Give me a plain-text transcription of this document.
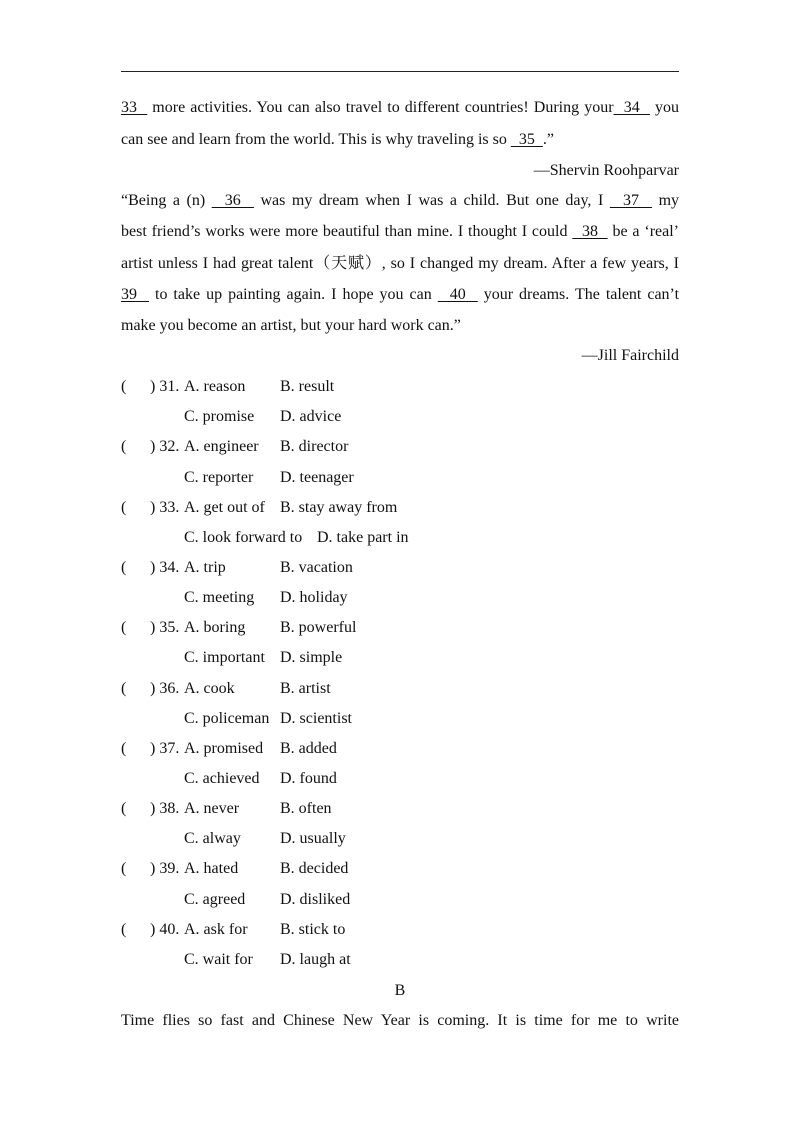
33   more activities. You can also travel to different countries! During your  34   you
can see and learn from the world. This is why traveling is so   35  .”
—Shervin Roohparvar
“Being a (n)   36   was my dream when I was a child. But one day, I   37   my
best friend’s works were more beautiful than mine. I thought I could   38   be a ‘real’
artist unless I had great talent（天赋）, so I changed my dream. After a few years, I
39   to take up painting again. I hope you can   40   your dreams. The talent can’t
make you become an artist, but your hard work can.”
—Jill Fairchild
( ) 31. A. reason B. result
C. promise D. advice
( ) 32. A. engineer B. director
C. reporter D. teenager
( ) 33. A. get out of B. stay away from
C. look forward to D. take part in
( ) 34. A. trip	B. vacation
C. meeting D. holiday
( ) 35. A. boring B. powerful
C. important D. simple
( ) 36. A. cook	B. artist
C. policeman D. scientist
( ) 37. A. promised B. added
C. achieved D. found
( ) 38. A. never	B. often
C. alway D. usually
( ) 39. A. hated	B. decided
C. agreed D. disliked
( ) 40. A. ask for B. stick to
C. wait for D. laugh at
B
Time flies so fast and Chinese New Year is coming. It is time for me to write
